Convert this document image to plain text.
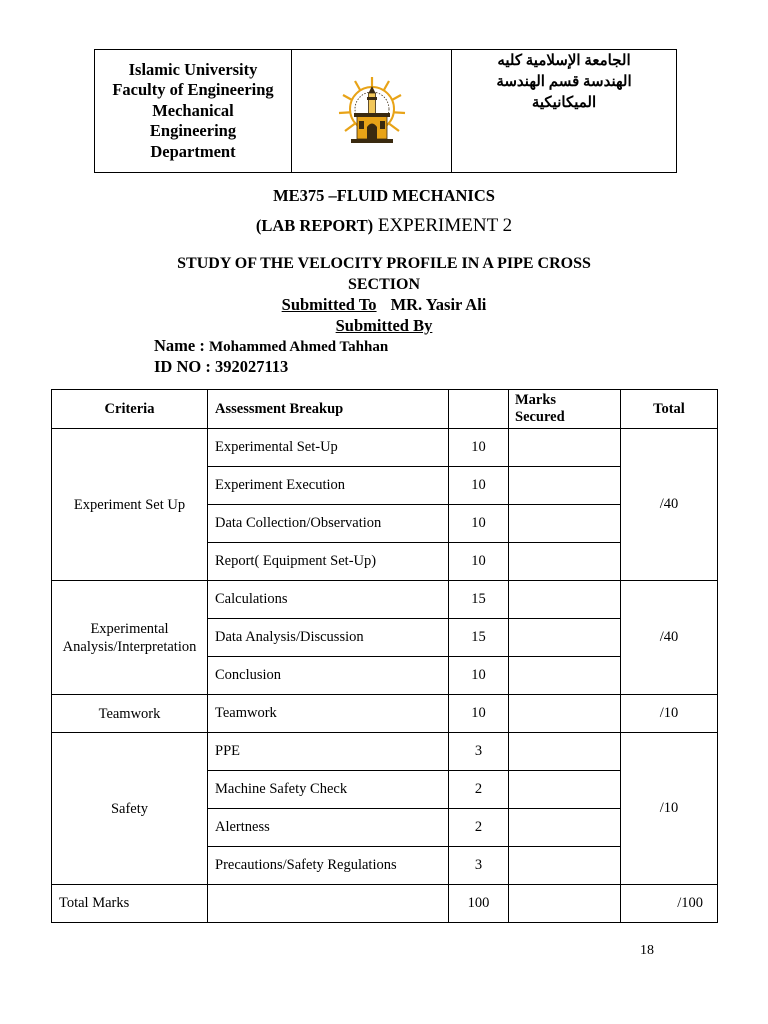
Islamic University
Faculty of Engineering
Mechanical
Engineering
Department
الجامعة الإسلامية كليه
الهندسة قسم الهندسة
الميكانيكية
ME375 –FLUID MECHANICS
(LAB REPORT) EXPERIMENT 2
STUDY OF THE VELOCITY PROFILE IN A PIPE CROSS
SECTION
Submitted To MR. Yasir Ali
Submitted By
Name : Mohammed Ahmed Tahhan
ID NO : 392027113
Criteria	Assessment Breakup		Marks
Secured	Total
Experiment Set Up	Experimental Set-Up	10		/40
	Experiment Execution	10		
	Data Collection/Observation	10		
	Report( Equipment Set-Up)	10		

Experimental
Analysis/Interpretation	Calculations	15		/40
	Data Analysis/Discussion	15		
	Conclusion	10		
Teamwork	Teamwork	10		/10
Safety	PPE	3		/10
	Machine Safety Check	2		
	Alertness	2		
	Precautions/Safety Regulations	3		
Total Marks		100		/100
18
